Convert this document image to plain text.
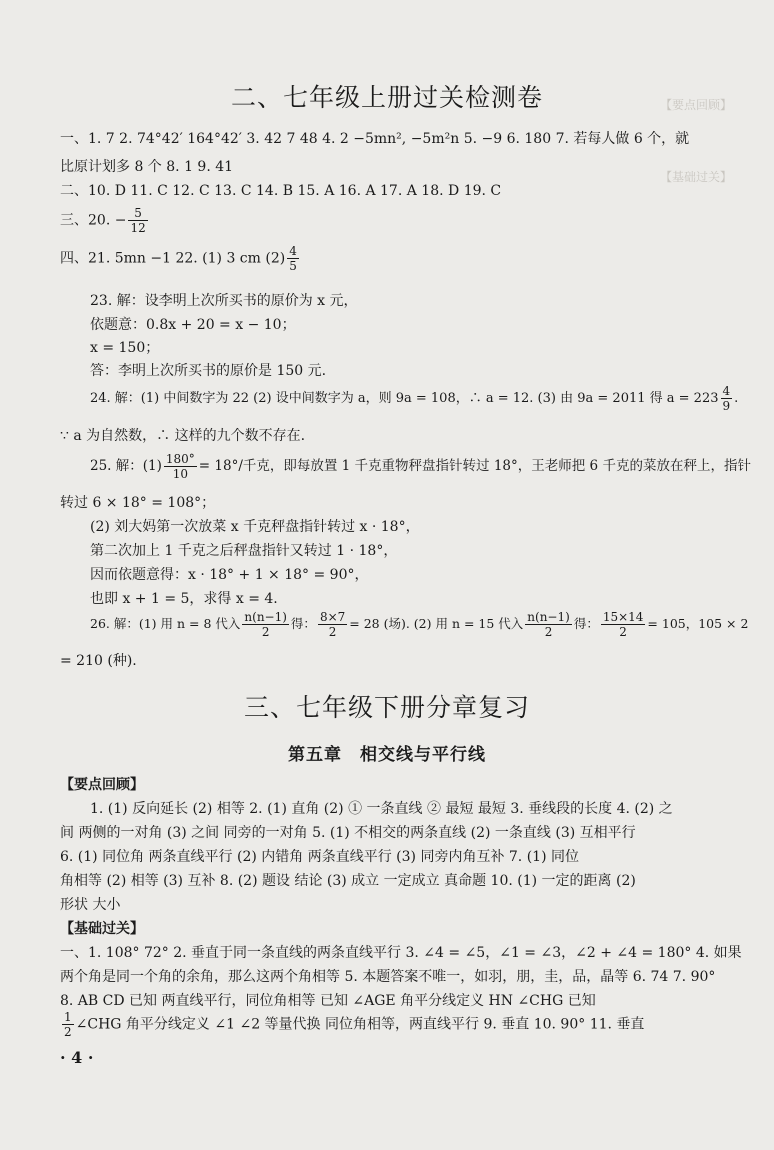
【要点回顾】
【基础过关】
二、七年级上册过关检测卷
一、1. 7 2. 74°42′ 164°42′ 3. 42 7 48 4. 2 −5mn², −5m²n 5. −9 6. 180 7. 若每人做 6 个，就
比原计划多 8 个 8. 1 9. 41
二、10. D 11. C 12. C 13. C 14. B 15. A 16. A 17. A 18. D 19. C
三、20. − $\frac{5}{12}$
四、21. 5mn −1 22. (1) 3 cm $(2) \frac{4}{5}$
23. 解：设李明上次所买书的原价为 x 元，
依题意：0.8x + 20 = x − 10；
x = 150；
答：李明上次所买书的原价是 150 元.
24. 解：(1) 中间数字为 22 (2) 设中间数字为 a，则 9a = 108，∴ a = 12. (3) 由 9a = 2011 得 $a = 223 \frac{4}{9}$ .
∵ a 为自然数，∴ 这样的九个数不存在.
25. 解：$(1) \frac{180^\circ}{10} = 18^\circ/$千克，即每放置 1 千克重物秤盘指针转过 18°，王老师把 6 千克的菜放在秤上，指针
转过 6 × 18° = 108°；
(2) 刘大妈第一次放菜 x 千克秤盘指针转过 x · 18°，
第二次加上 1 千克之后秤盘指针又转过 1 · 18°，
因而依题意得：x · 18° + 1 × 18° = 90°，
也即 x + 1 = 5，求得 x = 4.
26. 解：(1) 用 n = 8 代入 $\frac{n(n-1)}{2}$ 得： $\frac{8\times 7}{2} = 28$ (场). (2) 用 n = 15 代入 $\frac{n(n-1)}{2}$ 得： $\frac{15\times 14}{2} = 105$，105 × 2
= 210 (种).
三、七年级下册分章复习
第五章　相交线与平行线
【要点回顾】
1. (1) 反向延长 (2) 相等 2. (1) 直角 (2) ① 一条直线 ② 最短 最短 3. 垂线段的长度 4. (2) 之
间 两侧的一对角 (3) 之间 同旁的一对角 5. (1) 不相交的两条直线 (2) 一条直线 (3) 互相平行
6. (1) 同位角 两条直线平行 (2) 内错角 两条直线平行 (3) 同旁内角互补 7. (1) 同位
角相等 (2) 相等 (3) 互补 8. (2) 题设 结论 (3) 成立 一定成立 真命题 10. (1) 一定的距离 (2)
形状 大小
【基础过关】
一、1. 108° 72° 2. 垂直于同一条直线的两条直线平行 3. ∠4 = ∠5，∠1 = ∠3，∠2 + ∠4 = 180° 4. 如果
两个角是同一个角的余角，那么这两个角相等 5. 本题答案不唯一，如羽，朋，圭，品，晶等 6. 74 7. 90°
8. AB CD 已知 两直线平行，同位角相等 已知 ∠AGE 角平分线定义 HN ∠CHG 已知
$\frac{1}{2}$ ∠CHG 角平分线定义 ∠1 ∠2 等量代换 同位角相等，两直线平行 9. 垂直 10. 90° 11. 垂直
· 4 ·
